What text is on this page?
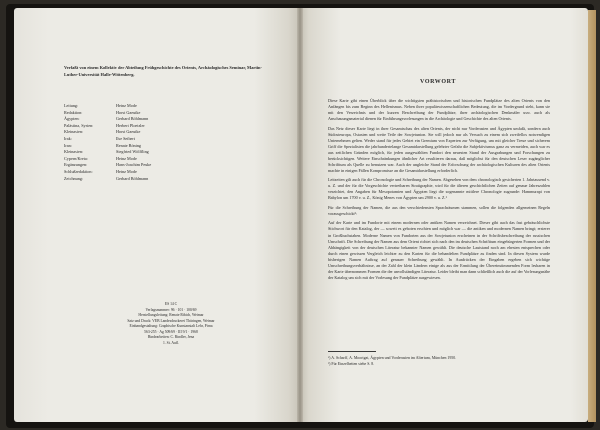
Verfaßt von einem Kollektiv der Abteilung Frühgeschichte des Orients, Archäologisches Seminar, Martin-Luther-Universität Halle-Wittenberg.
Leitung:	Heinz Mode
Redaktion:	Horst Gaeutke
Ägypten:	Gerhard Böhlmann
Palästina, Syrien:	Herbert Ploetzler
Kleinasien:	Horst Gaeutke
Irak:	Ilse Seibert
Iran:	Renate Böning
Kleinasien:	Siegfried Wölffling
Cypern/Kreta:	Heinz Mode
Ergänzungen:	Hans-Joachim Peuke
Schlußredaktion:	Heinz Mode
Zeichnung:	Gerhard Böhlmann
ES 14 C
Verlagsnummer: 96 · 101 · 100/69
Herstellungsleitung: Renate Ribich, Weimar
Satz und Druck: VEB Landesdruckerei Thüringen, Weimar
Einbandgestaltung: Graphische Kunstanstalt Lehr, Pirna
563-255 · Ag 509/69 · III 9/1 · 1968
Bindearbeiten: C. Rindler, Jena
1. St. Aufl.
VORWORT

Diese Karte gibt einen Überblick über die wichtigsten prähistorischen und historischen Fundplätze des alten Orients von den Anfängen bis zum Beginn des Hellenismus. Neben ihrer populärwissenschaftlichen Bedeutung, die im Vordergrund steht, kann sie mit den Verzeichnis und der kurzen Beschreibung der Fundplätze, ihrer archäologischen Denkmäler usw. auch als Anschauungsmaterial dienen für Einführungsvorlesungen in die Archäologie und Geschichte des alten Orients.

Das Netz dieser Karte liegt in ihrer Gesamtschau des alten Orients, der nicht nur Vorderasien und Ägypten umfaßt, sondern auch Südosteuropa, Ostasien und weite Teile der Sowjetunion. Sie will jedoch nur als Versuch zu einem sich zweifellos notwendigen Unternehmen gelten. Weder stand für jedes Gebiet ein Gremium von Experten zur Verfügung, um mit gleicher Treue und sicherem Griff die Spezialisten die jahrhundertelange Gesamtdarstellung gelehrter Gefahr die Subjektivismus ganz zu vermeiden, auch war es aus zeitlichen Gründen möglich, für jeden ausgewählten Fundort den neuesten Stand der Ausgrabungen und Forschungen zu berücksichtigen. Weitere Einschränkungen ähnlicher Art resultieren daraus, daß möglichst für den deutschen Leser zugänglicher Schrifttum als Quelle zu benutzen war. Auch der ungleiche Stand der Erforschung der archäologischen Kulturen des alten Orients machte in einigen Fällen Kompromisse an die Gesamtdarstellung erforderlich.

Leitzeiten gilt auch für die Chronologie und Schreibung der Namen. Abgesehen von dem chronologisch gesicherten 1. Jahrtausend v. u. Z. und der für die Vorgeschichte vertretbaren Stratigraphie, wird für die älteren geschichtlichen Zeiten auf genaue Jahreszahlen verzichtet, den Angaben für Mesopotamien und Ägypten liegt die sogenannte mittlere Chronologie zugrunde: Hammurapi von Babylon um 1700 v. u. Z., König Menes von Ägypten um 2900 v. u. Z.¹

Für die Schreibung der Namen, die aus den verschiedensten Sprachräumen stammen, sollen die folgenden allgemeinen Regeln vorausgeschickt²:

Auf der Karte und im Fundorte mit einem modernen oder antiken Namen verzeichnet. Dieser gibt auch das fast gebräuchlichste Stichwort für den Katalog, der — soweit es geboten erschien und möglich war — die antiken und modernen Namen bringt; ersterer in Großbuchstaben. Moderne Namen von Fundorten aus der Sowjetunion erscheinen in der Schriftsbeschreibung der russischen Umschrift. Die Schreibung der Namen aus dem Orient richtet sich nach den im deutschen Schrifttum eingebürgerten Formen und der Abhängigkeit von der deutschen Literatur bekannter Namen gewählt. Die deutsche Lautstand noch am ehesten entsprechen oder durch einen gewissen Vergleich leichter zu den Karten für die behandelten Fundplätze zu finden sind. In diesen System wurde bisherigen Namen Auftrag auf genauer Schreibung gewählt. In Ausdrücken der Eingaben ergeben sich wichtige Umschreibungsverhältnisse, an der Zahl der klein Ländern einige als aus der Ermittlung der Übereinstimmenden Form lesbaren in der Karte übernommen Formen die der unvollständigen Literatur. Leider bleibt man dann schließlich auch die auf der Vorlesungsnähe der Katalog um sich mit der Vorlesung der Fundplätze ausgewiesen.

¹) A. Scharff, A. Moortgat, Ägypten und Vorderasien im Altertum, München 1950.
²) Für Einzelheiten siehe S. 8.
